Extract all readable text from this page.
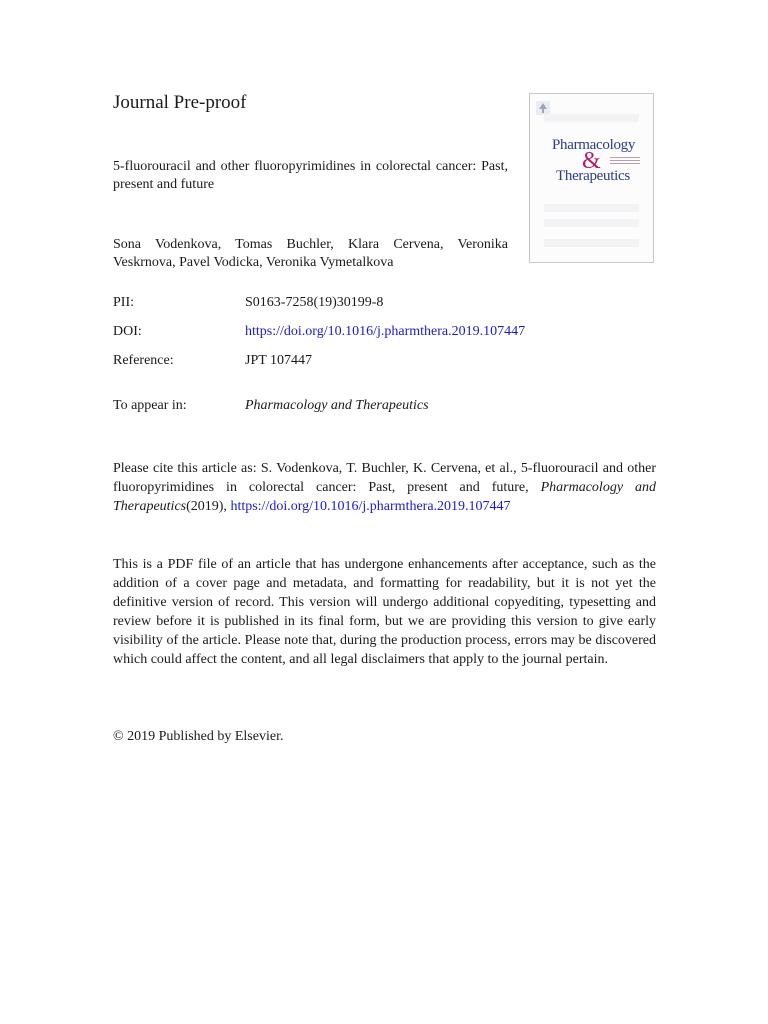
Journal Pre-proof
Pharmacology
&
Therapeutics
5-fluorouracil and other fluoropyrimidines in colorectal cancer: Past, present and future
Sona Vodenkova, Tomas Buchler, Klara Cervena, Veronika Veskrnova, Pavel Vodicka, Veronika Vymetalkova
PII:	S0163-7258(19)30199-8
DOI:	https://doi.org/10.1016/j.pharmthera.2019.107447
Reference:	JPT 107447
To appear in:	Pharmacology and Therapeutics
Please cite this article as: S. Vodenkova, T. Buchler, K. Cervena, et al., 5-fluorouracil and other fluoropyrimidines in colorectal cancer: Past, present and future, Pharmacology and Therapeutics(2019), https://doi.org/10.1016/j.pharmthera.2019.107447
This is a PDF file of an article that has undergone enhancements after acceptance, such as the addition of a cover page and metadata, and formatting for readability, but it is not yet the definitive version of record. This version will undergo additional copyediting, typesetting and review before it is published in its final form, but we are providing this version to give early visibility of the article. Please note that, during the production process, errors may be discovered which could affect the content, and all legal disclaimers that apply to the journal pertain.
© 2019 Published by Elsevier.
